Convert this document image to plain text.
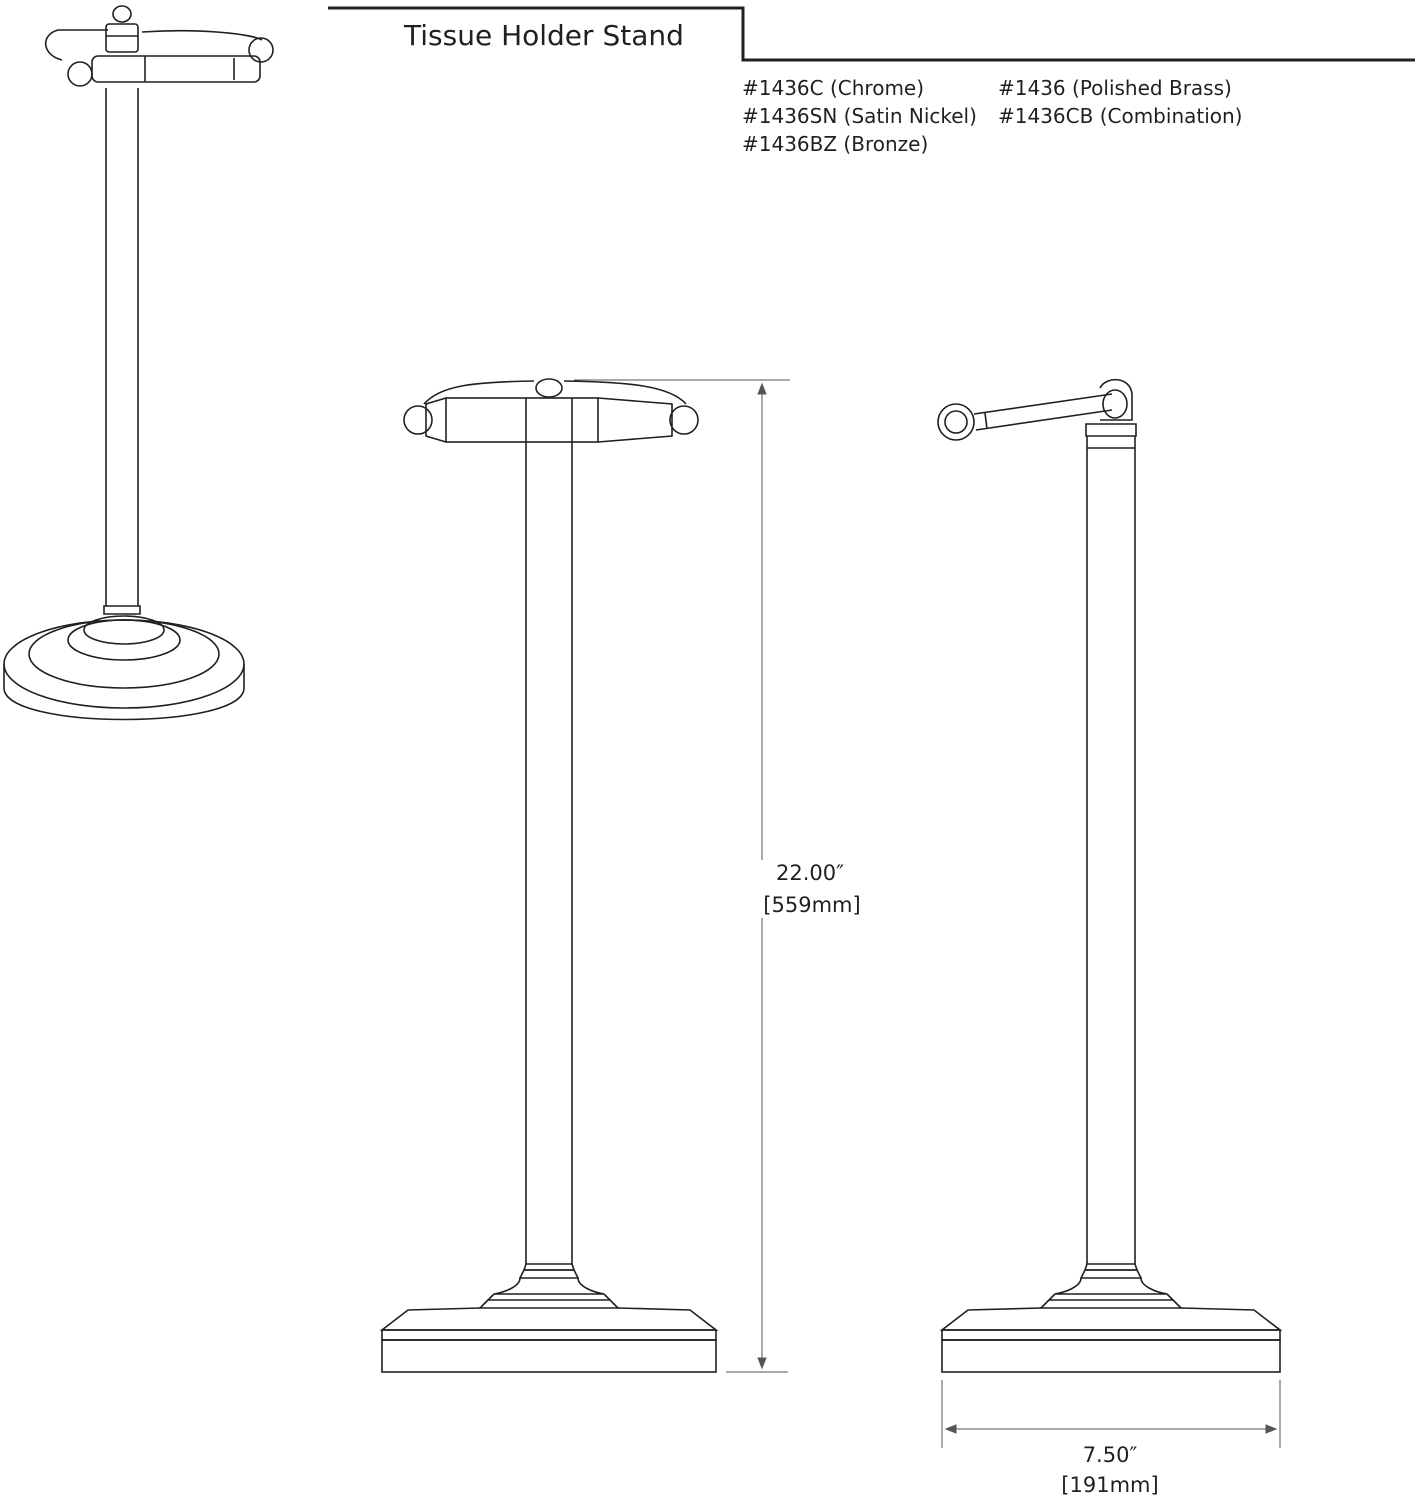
Tissue Holder Stand
#1436C (Chrome)
#1436SN (Satin Nickel)
#1436BZ (Bronze)
#1436 (Polished Brass)
#1436CB (Combination)
22.00″
[559mm]
7.50″
[191mm]
